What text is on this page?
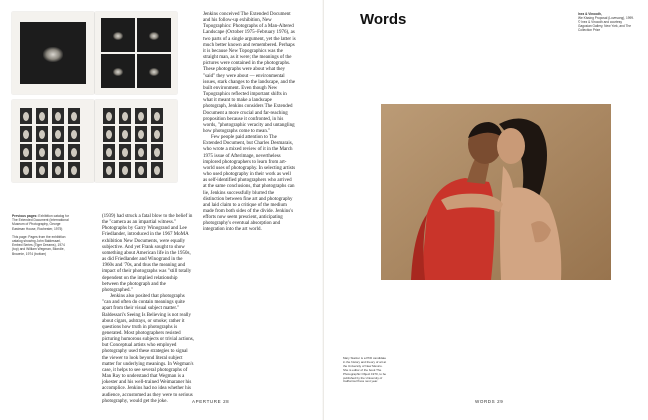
Previous pages: Exhibition catalog for The Extended Document (International Museum of Photography, George Eastman House, Rochester, 1975)

This page: Pages from the exhibition catalog showing John Baldessari, Embed Series (Tiger Dreams), 1974 (top) and William Wegman, Blondie, Brownie, 1974 (bottom)

(1939) had struck a fatal blow to the belief in the "camera as an impartial witness." Photographs by Garry Winogrand and Lee Friedlander, introduced in the 1967 MoMA exhibition New Documents, were equally subjective. And yet Frank sought to show something about American life in the 1950s, as did Friedlander and Winogrand in the 1960s and '70s, and thus the meaning and impact of their photographs was "still totally dependent on the implied relationship between the photograph and the photographed."

Jenkins also posited that photographs "can and often do contain meanings quite apart from their visual subject matter." Baldessari's Seeing Is Believing is not really about cigars, ashtrays, or smoke; rather it questions how truth in photographs is generated. Most photographers resisted picturing humorous subjects or trivial actions, but Conceptual artists who employed photography used these strategies to signal the viewer to look beyond literal subject matter for underlying meanings. In Wegman's case, it helps to see several photographs of Man Ray to understand that Wegman is a jokester and his well-trained Weimaraner his accomplice. Jenkins had no idea whether his audience, accustomed as they were to serious photography, would get the joke.

Jenkins conceived The Extended Document and his follow-up exhibition, New Topographics: Photographs of a Man-Altered Landscape (October 1975–February 1976), as two parts of a single argument, yet the latter is much better known and remembered. Perhaps it is because New Topographics was the straight man, as it were; the meanings of the pictures were contained in the photographs. These photographs were about what they "said" they were about — environmental issues, stark changes to the landscape, and the built environment. Even though New Topographics reflected important shifts in what it meant to make a landscape photograph, Jenkins considers The Extended Document a more crucial and far-reaching proposition because it confronted, in his words, "photographic veracity and untangling how photographs come to mean."

Few people paid attention to The Extended Document, but Charles Desmarais, who wrote a mixed review of it in the March 1975 issue of Afterimage, nevertheless implored photographers to learn from art-world uses of photography. In selecting artists who used photography in their work as well as self-identified photographers who arrived at the same conclusions, that photographs can lie, Jenkins successfully blurred the distinction between fine art and photography and laid claim to a critique of the medium made from both sides of the divide. Jenkins's efforts now seem prescient, anticipating photography's eventual absorption and integration into the art world.

APERTURE 28
Words	Inez & Vinoodh,
We Kissing Proposal (Lovesong), 1999. © Inez & Vinoodh and courtesy Gagosian Gallery, New York, and The Collection Prize
Mary Statzer is a PhD candidate in the history and theory of art at the University of New Mexico. She is editor of the book The Photographic Object 1970, to be published by the University of California Press next year.
WORDS 29
